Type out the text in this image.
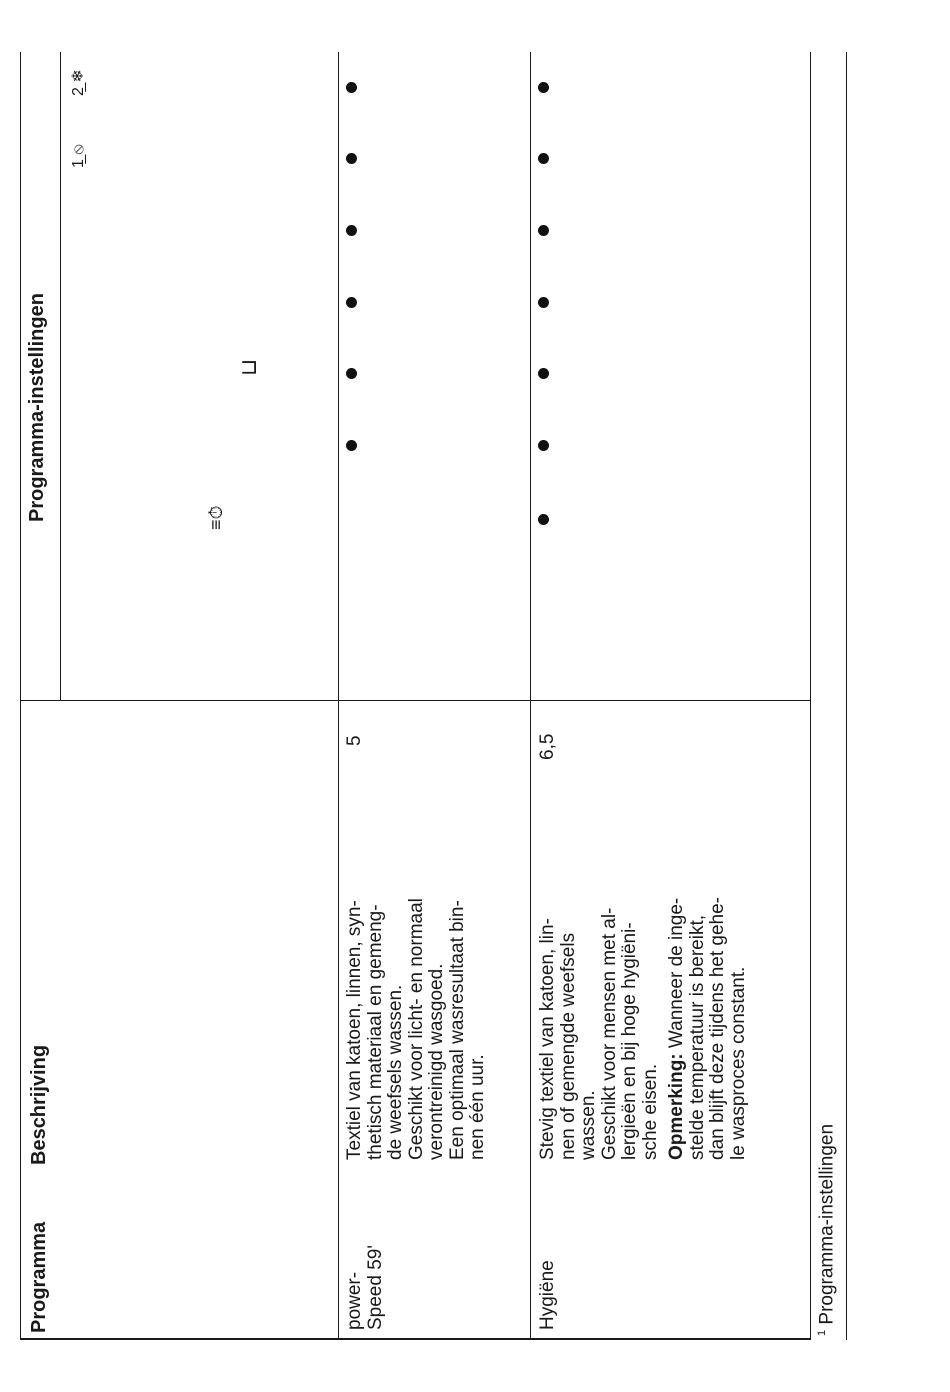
Programma
Beschrijving
Programma-instellingen	≡⏱
⊔
1̲ ⦸
2̲ ❄
power- Speed 59'
Textiel van katoen, linnen, syn- thetisch materiaal en gemeng- de weefsels wassen. Geschikt voor licht- en normaal verontreinigd wasgoed. Een optimaal wasresultaat bin- nen één uur.
5
Hygiëne
Stevig textiel van katoen, lin- nen of gemengde weefsels wassen. Geschikt voor mensen met al- lergieën en bij hoge hygiëni- sche eisen. Opmerking: Wanneer de inge- stelde temperatuur is bereikt, dan blijft deze tijdens het gehe- le wasproces constant.
6,5
$^1$ Programma-instellingen
